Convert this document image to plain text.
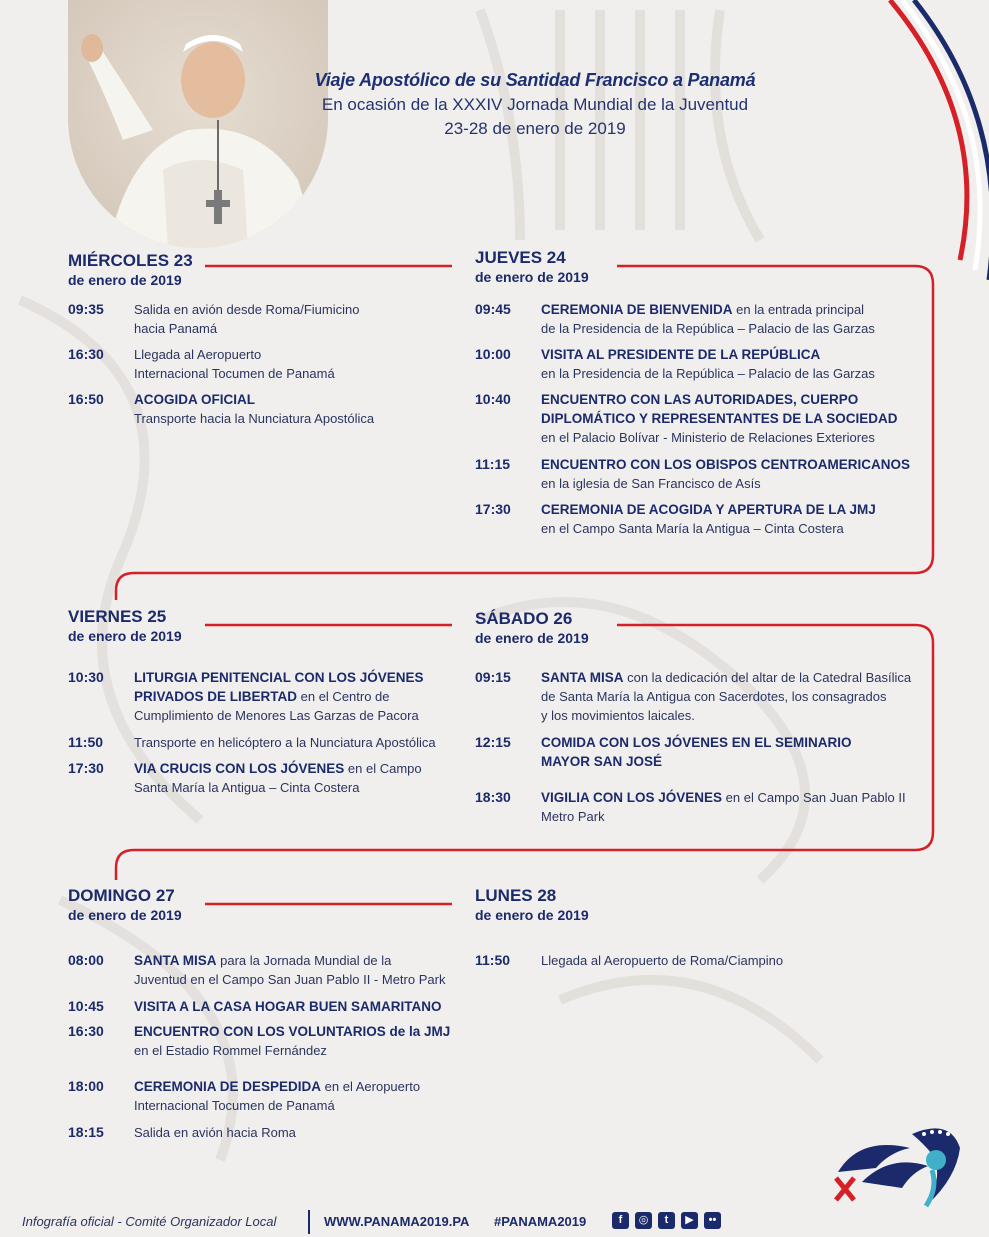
Viaje Apostólico de su Santidad Francisco a Panamá
En ocasión de la XXXIV Jornada Mundial de la Juventud
23-28 de enero de 2019
MIÉRCOLES 23
de enero de 2019
09:35 Salida en avión desde Roma/Fiumicino
hacia Panamá
16:30 Llegada al Aeropuerto
Internacional Tocumen de Panamá
16:50 ACOGIDA OFICIAL
Transporte hacia la Nunciatura Apostólica
JUEVES 24
de enero de 2019
09:45 CEREMONIA DE BIENVENIDA en la entrada principal
de la Presidencia de la República – Palacio de las Garzas
10:00 VISITA AL PRESIDENTE DE LA REPÚBLICA
en la Presidencia de la República – Palacio de las Garzas
10:40 ENCUENTRO CON LAS AUTORIDADES, CUERPO
DIPLOMÁTICO Y REPRESENTANTES DE LA SOCIEDAD
en el Palacio Bolívar - Ministerio de Relaciones Exteriores
11:15 ENCUENTRO CON LOS OBISPOS CENTROAMERICANOS
en la iglesia de San Francisco de Asís
17:30 CEREMONIA DE ACOGIDA Y APERTURA DE LA JMJ
en el Campo Santa María la Antigua – Cinta Costera
VIERNES 25
de enero de 2019
10:30 LITURGIA PENITENCIAL CON LOS JÓVENES
PRIVADOS DE LIBERTAD en el Centro de
Cumplimiento de Menores Las Garzas de Pacora
11:50 Transporte en helicóptero a la Nunciatura Apostólica
17:30 VIA CRUCIS CON LOS JÓVENES en el Campo
Santa María la Antigua – Cinta Costera
SÁBADO 26
de enero de 2019
09:15 SANTA MISA con la dedicación del altar de la Catedral Basílica
de Santa María la Antigua con Sacerdotes, los consagrados
y los movimientos laicales.
12:15 COMIDA CON LOS JÓVENES EN EL SEMINARIO
MAYOR SAN JOSÉ
18:30 VIGILIA CON LOS JÓVENES en el Campo San Juan Pablo II
Metro Park
DOMINGO 27
de enero de 2019
08:00 SANTA MISA para la Jornada Mundial de la
Juventud en el Campo San Juan Pablo II - Metro Park
10:45 VISITA A LA CASA HOGAR BUEN SAMARITANO
16:30 ENCUENTRO CON LOS VOLUNTARIOS de la JMJ
en el Estadio Rommel Fernández
18:00 CEREMONIA DE DESPEDIDA en el Aeropuerto
Internacional Tocumen de Panamá
18:15 Salida en avión hacia Roma
LUNES 28
de enero de 2019
11:50 Llegada al Aeropuerto de Roma/Ciampino
Infografía oficial - Comité Organizador Local	WWW.PANAMA2019.PA #PANAMA2019	f	◎	t	▶	••
